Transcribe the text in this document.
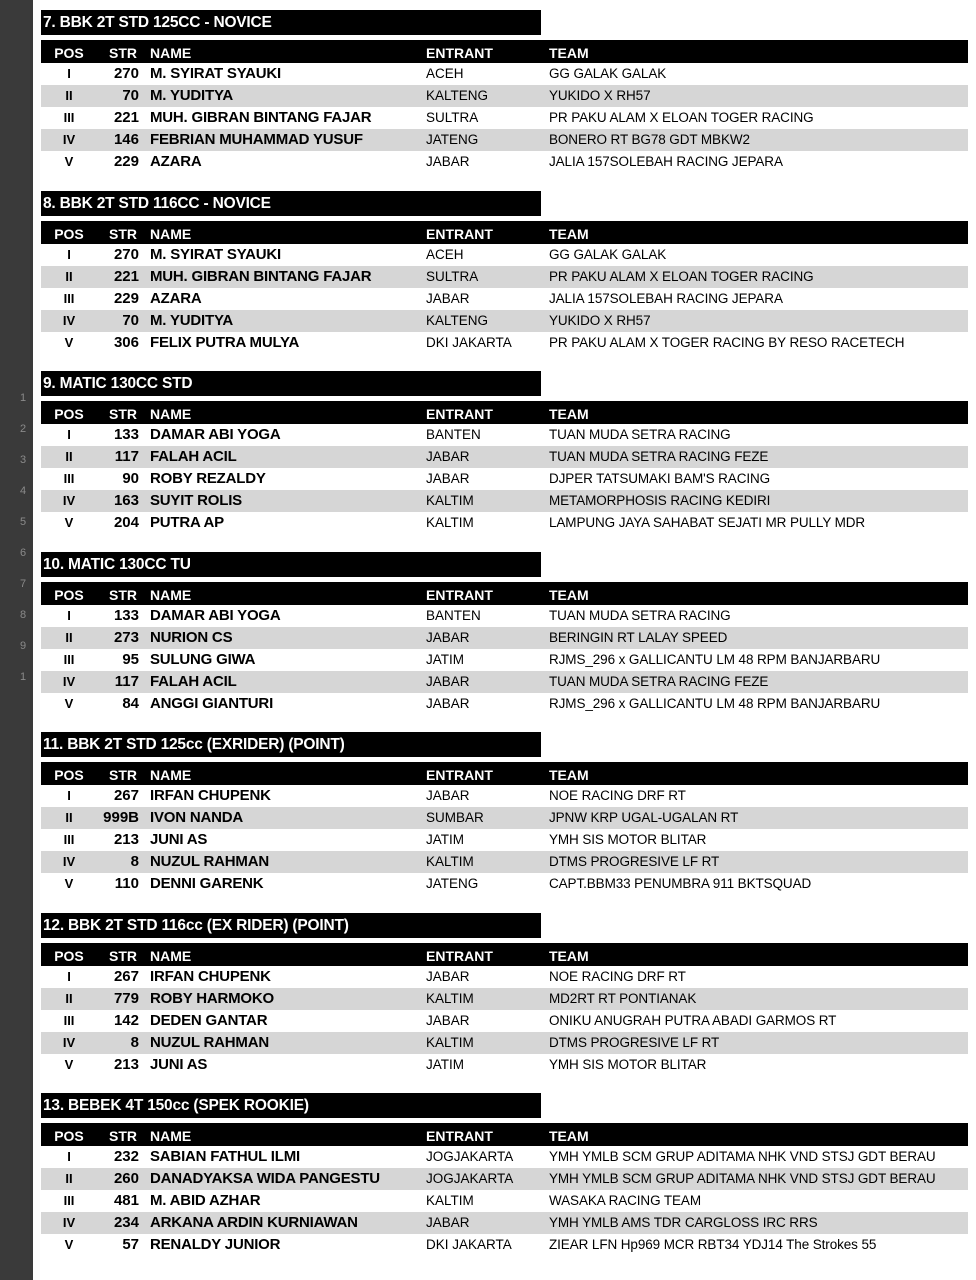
1
2
3
4
5
6
7
8
9
1
7. BBK 2T STD 125CC - NOVICE
POS	STR NAME	ENTRANT	TEAM
I	270 M. SYIRAT SYAUKI	ACEH	GG GALAK GALAK
II	70 M. YUDITYA	KALTENG	YUKIDO X RH57
III	221 MUH. GIBRAN BINTANG FAJAR	SULTRA	PR PAKU ALAM X ELOAN TOGER RACING
IV	146 FEBRIAN MUHAMMAD YUSUF	JATENG	BONERO RT BG78 GDT MBKW2
V	229 AZARA	JABAR	JALIA 157SOLEBAH RACING JEPARA
8. BBK 2T STD 116CC - NOVICE
POS	STR NAME	ENTRANT	TEAM
I	270 M. SYIRAT SYAUKI	ACEH	GG GALAK GALAK
II	221 MUH. GIBRAN BINTANG FAJAR	SULTRA	PR PAKU ALAM X ELOAN TOGER RACING
III	229 AZARA	JABAR	JALIA 157SOLEBAH RACING JEPARA
IV	70 M. YUDITYA	KALTENG	YUKIDO X RH57
V	306 FELIX PUTRA MULYA	DKI JAKARTA	PR PAKU ALAM X TOGER RACING BY RESO RACETECH
9. MATIC 130CC STD
POS	STR NAME	ENTRANT	TEAM
I	133 DAMAR ABI YOGA	BANTEN	TUAN MUDA SETRA RACING
II	117 FALAH ACIL	JABAR	TUAN MUDA SETRA RACING FEZE
III	90 ROBY REZALDY	JABAR	DJPER TATSUMAKI BAM'S RACING
IV	163 SUYIT ROLIS	KALTIM	METAMORPHOSIS RACING KEDIRI
V	204 PUTRA AP	KALTIM	LAMPUNG JAYA SAHABAT SEJATI MR PULLY MDR
10. MATIC 130CC TU
POS	STR NAME	ENTRANT	TEAM
I	133 DAMAR ABI YOGA	BANTEN	TUAN MUDA SETRA RACING
II	273 NURION CS	JABAR	BERINGIN RT LALAY SPEED
III	95 SULUNG GIWA	JATIM	RJMS_296 x GALLICANTU LM 48 RPM BANJARBARU
IV	117 FALAH ACIL	JABAR	TUAN MUDA SETRA RACING FEZE
V	84 ANGGI GIANTURI	JABAR	RJMS_296 x GALLICANTU LM 48 RPM BANJARBARU
11. BBK 2T STD 125cc (EXRIDER) (POINT)
POS	STR NAME	ENTRANT	TEAM
I	267 IRFAN CHUPENK	JABAR	NOE RACING DRF RT
II	999B IVON NANDA	SUMBAR	JPNW KRP UGAL-UGALAN RT
III	213 JUNI AS	JATIM	YMH SIS MOTOR BLITAR
IV	8 NUZUL RAHMAN	KALTIM	DTMS PROGRESIVE LF RT
V	110 DENNI GARENK	JATENG	CAPT.BBM33 PENUMBRA 911 BKTSQUAD
12. BBK 2T STD 116cc (EX RIDER) (POINT)
POS	STR NAME	ENTRANT	TEAM
I	267 IRFAN CHUPENK	JABAR	NOE RACING DRF RT
II	779 ROBY HARMOKO	KALTIM	MD2RT RT PONTIANAK
III	142 DEDEN GANTAR	JABAR	ONIKU ANUGRAH PUTRA ABADI GARMOS RT
IV	8 NUZUL RAHMAN	KALTIM	DTMS PROGRESIVE LF RT
V	213 JUNI AS	JATIM	YMH SIS MOTOR BLITAR
13. BEBEK 4T 150cc (SPEK ROOKIE)
POS	STR NAME	ENTRANT	TEAM
I	232 SABIAN FATHUL ILMI	JOGJAKARTA	YMH YMLB SCM GRUP ADITAMA NHK VND STSJ GDT BERAU
II	260 DANADYAKSA WIDA PANGESTU	JOGJAKARTA	YMH YMLB SCM GRUP ADITAMA NHK VND STSJ GDT BERAU
III	481 M. ABID AZHAR	KALTIM	WASAKA RACING TEAM
IV	234 ARKANA ARDIN KURNIAWAN	JABAR	YMH YMLB AMS TDR CARGLOSS IRC RRS
V	57 RENALDY JUNIOR	DKI JAKARTA	ZIEAR LFN Hp969 MCR RBT34 YDJ14 The Strokes 55
